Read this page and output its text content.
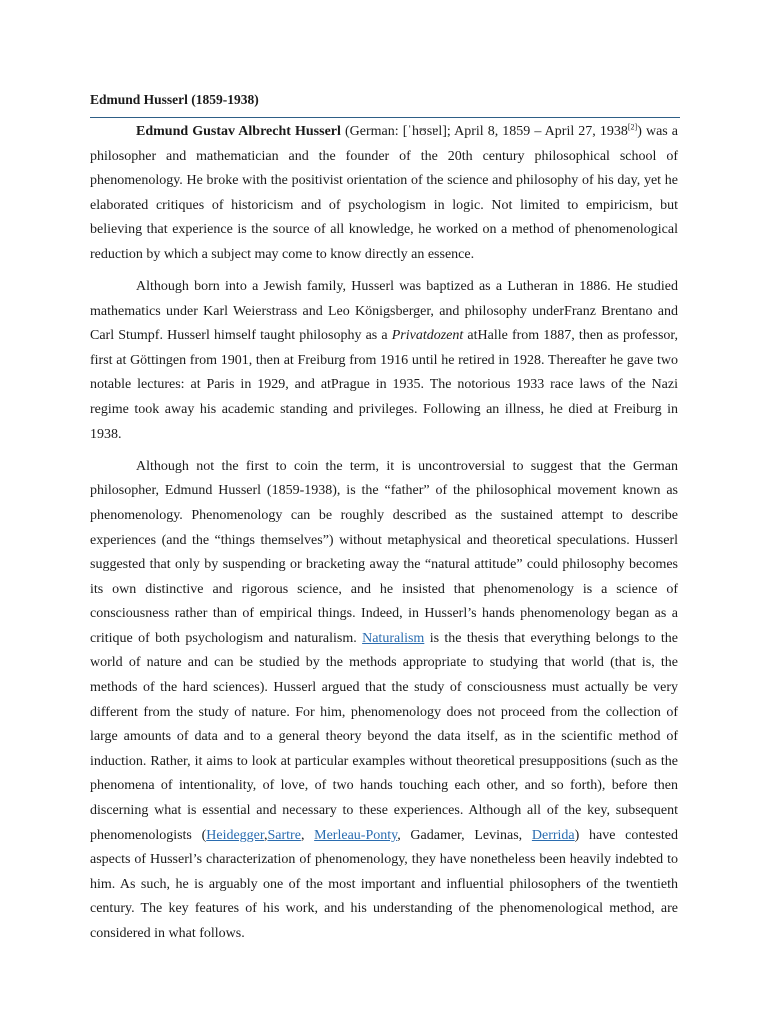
Edmund Husserl (1859-1938)

Edmund Gustav Albrecht Husserl (German: [ˈhʊsɐl]; April 8, 1859 – April 27, 1938[2]) was a philosopher and mathematician and the founder of the 20th century philosophical school of phenomenology. He broke with the positivist orientation of the science and philosophy of his day, yet he elaborated critiques of historicism and of psychologism in logic. Not limited to empiricism, but believing that experience is the source of all knowledge, he worked on a method of phenomenological reduction by which a subject may come to know directly an essence.

Although born into a Jewish family, Husserl was baptized as a Lutheran in 1886. He studied mathematics under Karl Weierstrass and Leo Königsberger, and philosophy underFranz Brentano and Carl Stumpf. Husserl himself taught philosophy as a Privatdozent atHalle from 1887, then as professor, first at Göttingen from 1901, then at Freiburg from 1916 until he retired in 1928. Thereafter he gave two notable lectures: at Paris in 1929, and atPrague in 1935. The notorious 1933 race laws of the Nazi regime took away his academic standing and privileges. Following an illness, he died at Freiburg in 1938.

Although not the first to coin the term, it is uncontroversial to suggest that the German philosopher, Edmund Husserl (1859-1938), is the “father” of the philosophical movement known as phenomenology. Phenomenology can be roughly described as the sustained attempt to describe experiences (and the “things themselves”) without metaphysical and theoretical speculations. Husserl suggested that only by suspending or bracketing away the “natural attitude” could philosophy becomes its own distinctive and rigorous science, and he insisted that phenomenology is a science of consciousness rather than of empirical things. Indeed, in Husserl’s hands phenomenology began as a critique of both psychologism and naturalism. Naturalism is the thesis that everything belongs to the world of nature and can be studied by the methods appropriate to studying that world (that is, the methods of the hard sciences). Husserl argued that the study of consciousness must actually be very different from the study of nature. For him, phenomenology does not proceed from the collection of large amounts of data and to a general theory beyond the data itself, as in the scientific method of induction. Rather, it aims to look at particular examples without theoretical presuppositions (such as the phenomena of intentionality, of love, of two hands touching each other, and so forth), before then discerning what is essential and necessary to these experiences. Although all of the key, subsequent phenomenologists (Heidegger,Sartre, Merleau-Ponty, Gadamer, Levinas, Derrida) have contested aspects of Husserl’s characterization of phenomenology, they have nonetheless been heavily indebted to him. As such, he is arguably one of the most important and influential philosophers of the twentieth century. The key features of his work, and his understanding of the phenomenological method, are considered in what follows.
